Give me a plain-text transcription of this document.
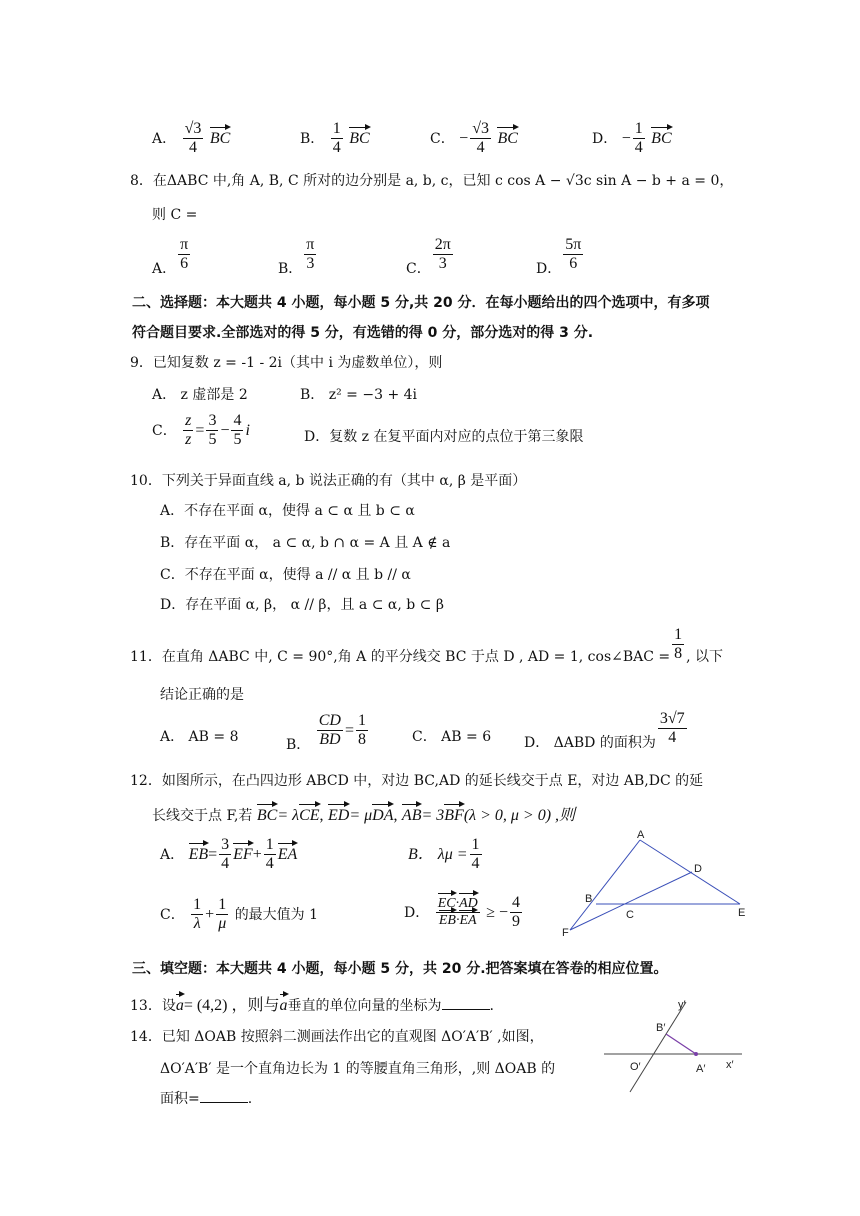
A． $\frac{√3}{4}$ BC	B． $\frac{1}{4}$ BC	C． − $\frac{√3}{4}$ BC	D． − $\frac{1}{4}$ BC
8．在ΔABC 中,角 A, B, C 所对的边分别是 a, b, c，已知 c cos A − √3c sin A − b + a = 0，
则 C =
A． $\frac{\pi}{6}$	B． $\frac{\pi}{3}$	C． $\frac{2\pi}{3}$	D． $\frac{5\pi}{6}$
二、选择题：本大题共 4 小题，每小题 5 分,共 20 分．在每小题给出的四个选项中，有多项
符合题目要求.全部选对的得 5 分，有选错的得 0 分，部分选对的得 3 分.
9．已知复数 z = -1 - 2i（其中 i 为虚数单位），则
A． z 虚部是 2	B． z² = −3 + 4i
C． $\frac{z}{z} = \frac{3}{5} - \frac{4}{5}$ i	D．复数 z 在复平面内对应的点位于第三象限
10．下列关于异面直线 a, b 说法正确的有（其中 α, β 是平面）
A．不存在平面 α，使得 a ⊂ α 且 b ⊂ α
B．存在平面 α， a ⊂ α, b ∩ α = A 且 A ∉ a
C．不存在平面 α，使得 a // α 且 b // α
D．存在平面 α, β， α // β，且 a ⊂ α, b ⊂ β
11．在直角 ΔABC 中, C = 90°,角 A 的平分线交 BC 于点 D , AD = 1, cos∠BAC = $\frac{1}{8}$ , 以下
结论正确的是
A． AB = 8	B． $\frac{CD}{BD} = \frac{1}{8}$	C． AB = 6 D． ΔABD 的面积为 $\frac{3√7}{4}$
12．如图所示，在凸四边形 ABCD 中，对边 BC,AD 的延长线交于点 E，对边 AB,DC 的延
长线交于点 F,若 BC= λCE, ED= μDA, AB= 3BF(λ > 0, μ > 0) ,则
A． $EB= \frac{3}{4} EF+ \frac{1}{4}$ EA	B． $\lambda\mu = \frac{1}{4}$
C． $\frac{1}{\lambda} + \frac{1}{\mu}$ 的最大值为 1	D． $\frac{EC\cdot AD}{EB\cdot EA}$ ≥ − $\frac{4}{9}$
A
D
B
C	E
F
三、填空题：本大题共 4 小题，每小题 5 分，共 20 分.把答案填在答卷的相应位置。
13．设a= (4,2) ，则与a垂直的单位向量的坐标为	.
14．已知 ΔOAB 按照斜二测画法作出它的直观图 ΔO′A′B′ ,如图，
ΔO′A′B′ 是一个直角边长为 1 的等腰直角三角形，,则 ΔOAB 的
面积=	.
y′
B′
O′	A′ x′
